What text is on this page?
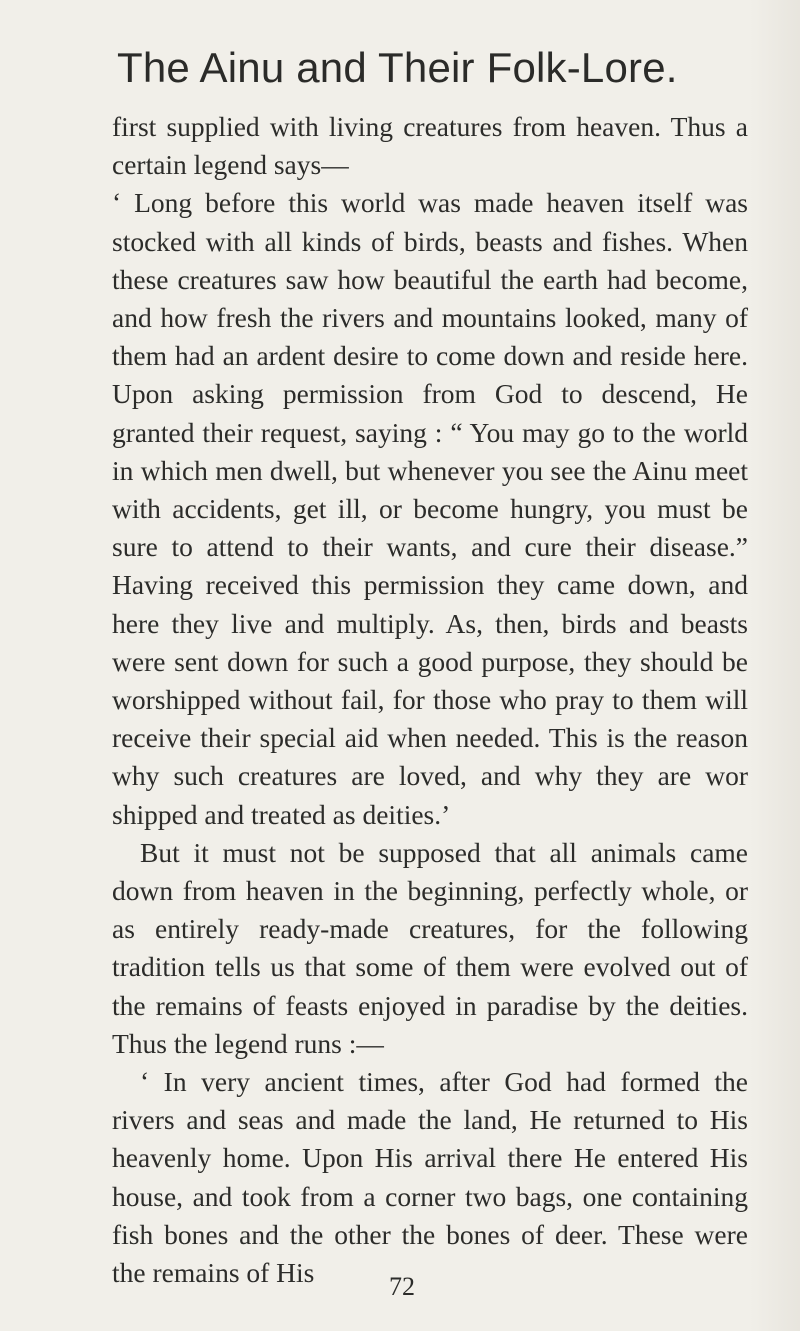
The Ainu and Their Folk-Lore.

first supplied with living creatures from heaven. Thus a certain legend says—

‘ Long before this world was made heaven itself was stocked with all kinds of birds, beasts and fishes. When these creatures saw how beautiful the earth had become, and how fresh the rivers and mountains looked, many of them had an ardent desire to come down and reside here. Upon asking permission from God to descend, He granted their request, saying : “ You may go to the world in which men dwell, but whenever you see the Ainu meet with accidents, get ill, or become hungry, you must be sure to attend to their wants, and cure their disease.” Having received this permission they came down, and here they live and multiply. As, then, birds and beasts were sent down for such a good purpose, they should be worshipped without fail, for those who pray to them will receive their special aid when needed. This is the reason why such creatures are loved, and why they are wor shipped and treated as deities.’

But it must not be supposed that all animals came down from heaven in the beginning, perfectly whole, or as entirely ready-made creatures, for the following tradition tells us that some of them were evolved out of the remains of feasts enjoyed in paradise by the deities. Thus the legend runs :—

‘ In very ancient times, after God had formed the rivers and seas and made the land, He returned to His heavenly home. Upon His arrival there He entered His house, and took from a corner two bags, one containing fish bones and the other the bones of deer. These were the remains of His	72
